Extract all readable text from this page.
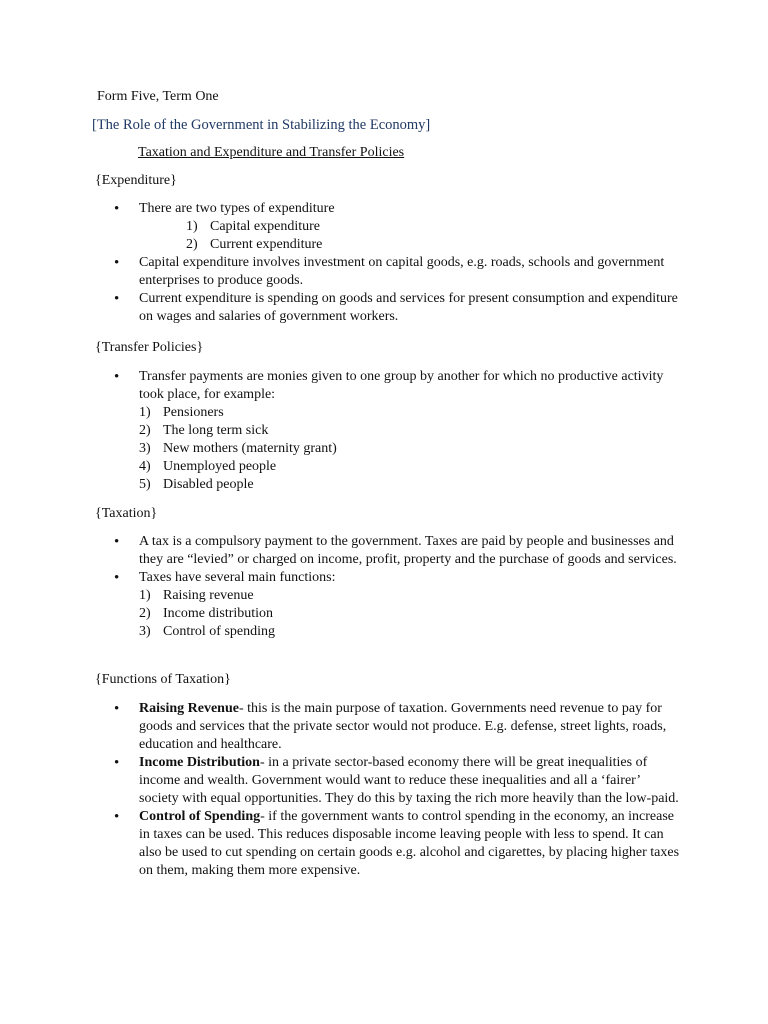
Form Five, Term One
[The Role of the Government in Stabilizing the Economy]
Taxation and Expenditure and Transfer Policies
{Expenditure}
• There are two types of expenditure
1) Capital expenditure
2) Current expenditure
• Capital expenditure involves investment on capital goods, e.g. roads, schools and government enterprises to produce goods.
• Current expenditure is spending on goods and services for present consumption and expenditure on wages and salaries of government workers.
{Transfer Policies}
• Transfer payments are monies given to one group by another for which no productive activity took place, for example:
1) Pensioners
2) The long term sick
3) New mothers (maternity grant)
4) Unemployed people
5) Disabled people
{Taxation}
• A tax is a compulsory payment to the government. Taxes are paid by people and businesses and they are “levied” or charged on income, profit, property and the purchase of goods and services.
• Taxes have several main functions:
1) Raising revenue
2) Income distribution
3) Control of spending
{Functions of Taxation}
• Raising Revenue- this is the main purpose of taxation. Governments need revenue to pay for goods and services that the private sector would not produce. E.g. defense, street lights, roads, education and healthcare.
• Income Distribution- in a private sector-based economy there will be great inequalities of income and wealth. Government would want to reduce these inequalities and all a ‘fairer’ society with equal opportunities. They do this by taxing the rich more heavily than the low-paid.
• Control of Spending- if the government wants to control spending in the economy, an increase in taxes can be used. This reduces disposable income leaving people with less to spend. It can also be used to cut spending on certain goods e.g. alcohol and cigarettes, by placing higher taxes on them, making them more expensive.
